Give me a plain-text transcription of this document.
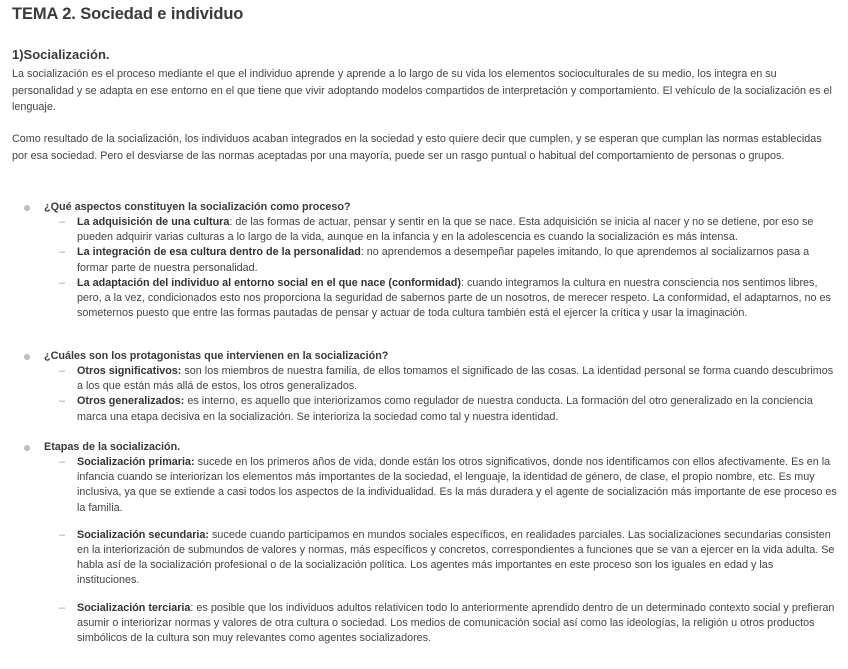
TEMA 2. Sociedad e individuo
1)Socialización.

La socialización es el proceso mediante el que el individuo aprende y aprende a lo largo de su vida los elementos socioculturales de su medio, los integra en su personalidad y se adapta en ese entorno en el que tiene que vivir adoptando modelos compartidos de interpretación y comportamiento. El vehículo de la socialización es el lenguaje.

Como resultado de la socialización, los individuos acaban integrados en la sociedad y esto quiere decir que cumplen, y se esperan que cumplan las normas establecidas por esa sociedad. Pero el desviarse de las normas aceptadas por una mayoría, puede ser un rasgo puntual o habitual del comportamiento de personas o grupos.

¿Qué aspectos constituyen la socialización como proceso?
– La adquisición de una cultura: de las formas de actuar, pensar y sentir en la que se nace. Esta adquisición se inicia al nacer y no se detiene, por eso se pueden adquirir varias culturas a lo largo de la vida, aunque en la infancia y en la adolescencia es cuando la socialización es más intensa.
– La integración de esa cultura dentro de la personalidad: no aprendemos a desempeñar papeles imitando, lo que aprendemos al socializarnos pasa a formar parte de nuestra personalidad.
– La adaptación del individuo al entorno social en el que nace (conformidad): cuando integramos la cultura en nuestra consciencia nos sentimos libres, pero, a la vez, condicionados esto nos proporciona la seguridad de sabernos parte de un nosotros, de merecer respeto. La conformidad, el adaptarnos, no es someternos puesto que entre las formas pautadas de pensar y actuar de toda cultura también está el ejercer la crítica y usar la imaginación.
¿Cuáles son los protagonistas que intervienen en la socialización?
– Otros significativos: son los miembros de nuestra familia, de ellos tomamos el significado de las cosas. La identidad personal se forma cuando descubrimos a los que están más allá de estos, los otros generalizados.
– Otros generalizados: es interno, es aquello que interiorizamos como regulador de nuestra conducta. La formación del otro generalizado en la conciencia marca una etapa decisiva en la socialización. Se interioriza la sociedad como tal y nuestra identidad.
Etapas de la socialización.
– Socialización primaria: sucede en los primeros años de vida, donde están los otros significativos, donde nos identificamos con ellos afectivamente. Es en la infancia cuando se interiorizan los elementos más importantes de la sociedad, el lenguaje, la identidad de género, de clase, el propio nombre, etc. Es muy inclusiva, ya que se extiende a casi todos los aspectos de la individualidad. Es la más duradera y el agente de socialización más importante de ese proceso es la familia.
– Socialización secundaria: sucede cuando participamos en mundos sociales específicos, en realidades parciales. Las socializaciones secundarias consisten en la interiorización de submundos de valores y normas, más específicos y concretos, correspondientes a funciones que se van a ejercer en la vida adulta. Se habla así de la socialización profesional o de la socialización política. Los agentes más importantes en este proceso son los iguales en edad y las instituciones.
– Socialización terciaria: es posible que los individuos adultos relativicen todo lo anteriormente aprendido dentro de un determinado contexto social y prefieran asumir o interiorizar normas y valores de otra cultura o sociedad. Los medios de comunicación social así como las ideologías, la religión u otros productos simbólicos de la cultura son muy relevantes como agentes socializadores.
